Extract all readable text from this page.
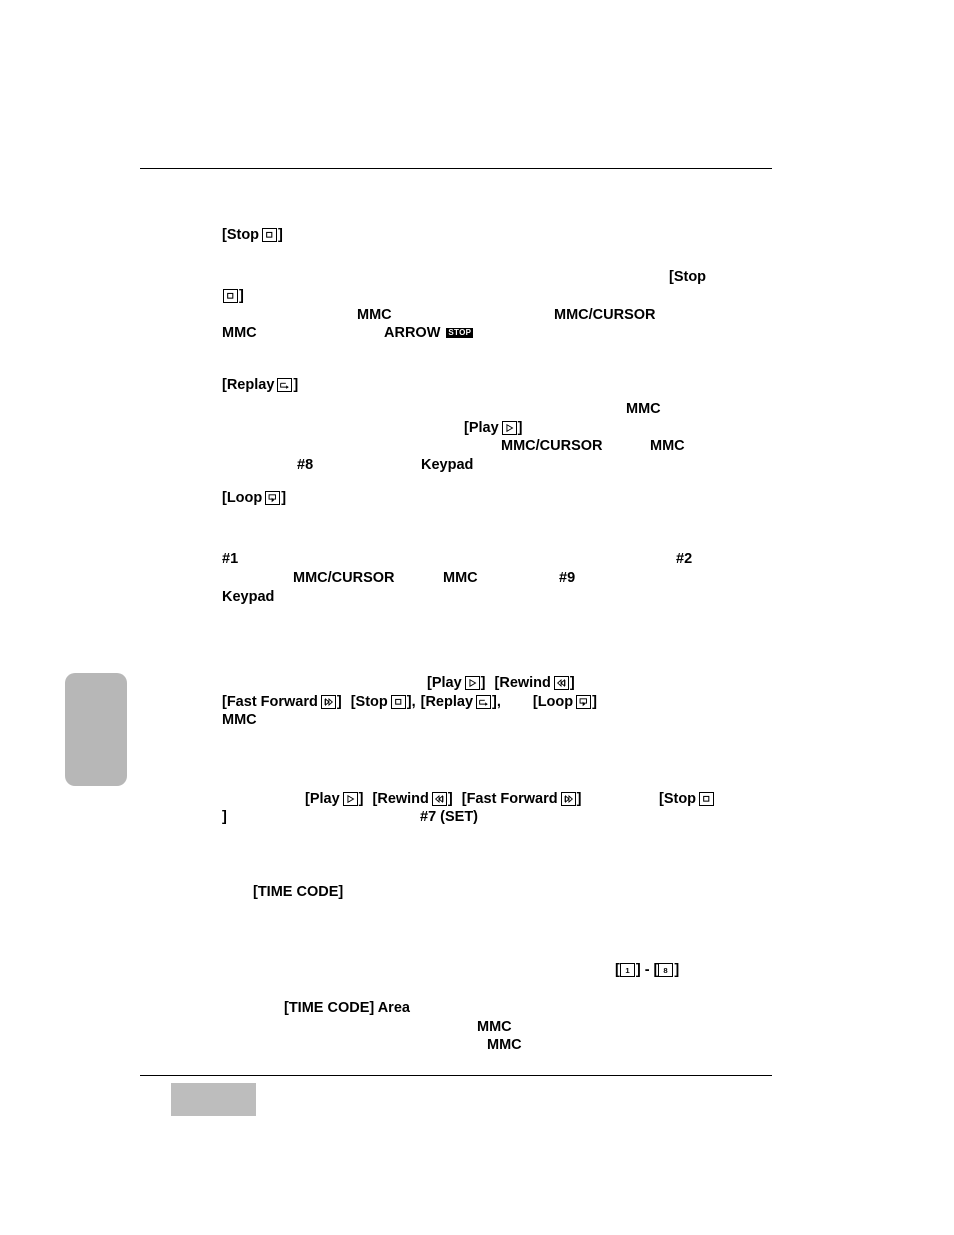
[Stop ]
[Stop
]
MMC	MMC/CURSOR
MMC	ARROW STOP
[Replay ]
MMC
[Play ]
MMC/CURSOR	MMC
#8	Keypad
[Loop ]
#1	#2
MMC/CURSOR	MMC	#9
Keypad
[Play ] [Rewind ]
[Fast Forward ] [Stop ], [Replay ], [Loop ]
MMC
[Play ] [Rewind ] [Fast Forward ]	[Stop
]	#7 (SET)
[TIME CODE]
[ 1 ] - [ 8 ]
[TIME CODE] Area
MMC
MMC
